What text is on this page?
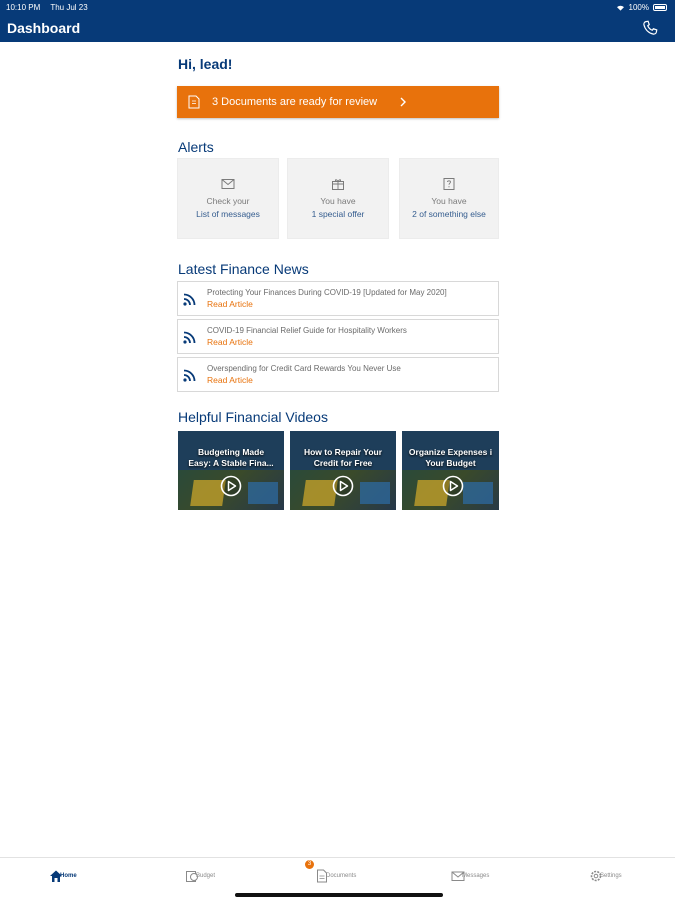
10:10 PM Thu Jul 23	100%
Dashboard
Hi, lead!
3 Documents are ready for review
Alerts
Check your
List of messages
You have
1 special offer
You have
2 of something else
Latest Finance News
Protecting Your Finances During COVID-19 [Updated for May 2020]
Read Article
COVID-19 Financial Relief Guide for Hospitality Workers
Read Article
Overspending for Credit Card Rewards You Never Use
Read Article
Helpful Financial Videos
Budgeting Made
Easy: A Stable Fina...
How to Repair Your
Credit for Free
Organize Expenses i
Your Budget
Home	Budget	Documents
3
Messages	Settings
